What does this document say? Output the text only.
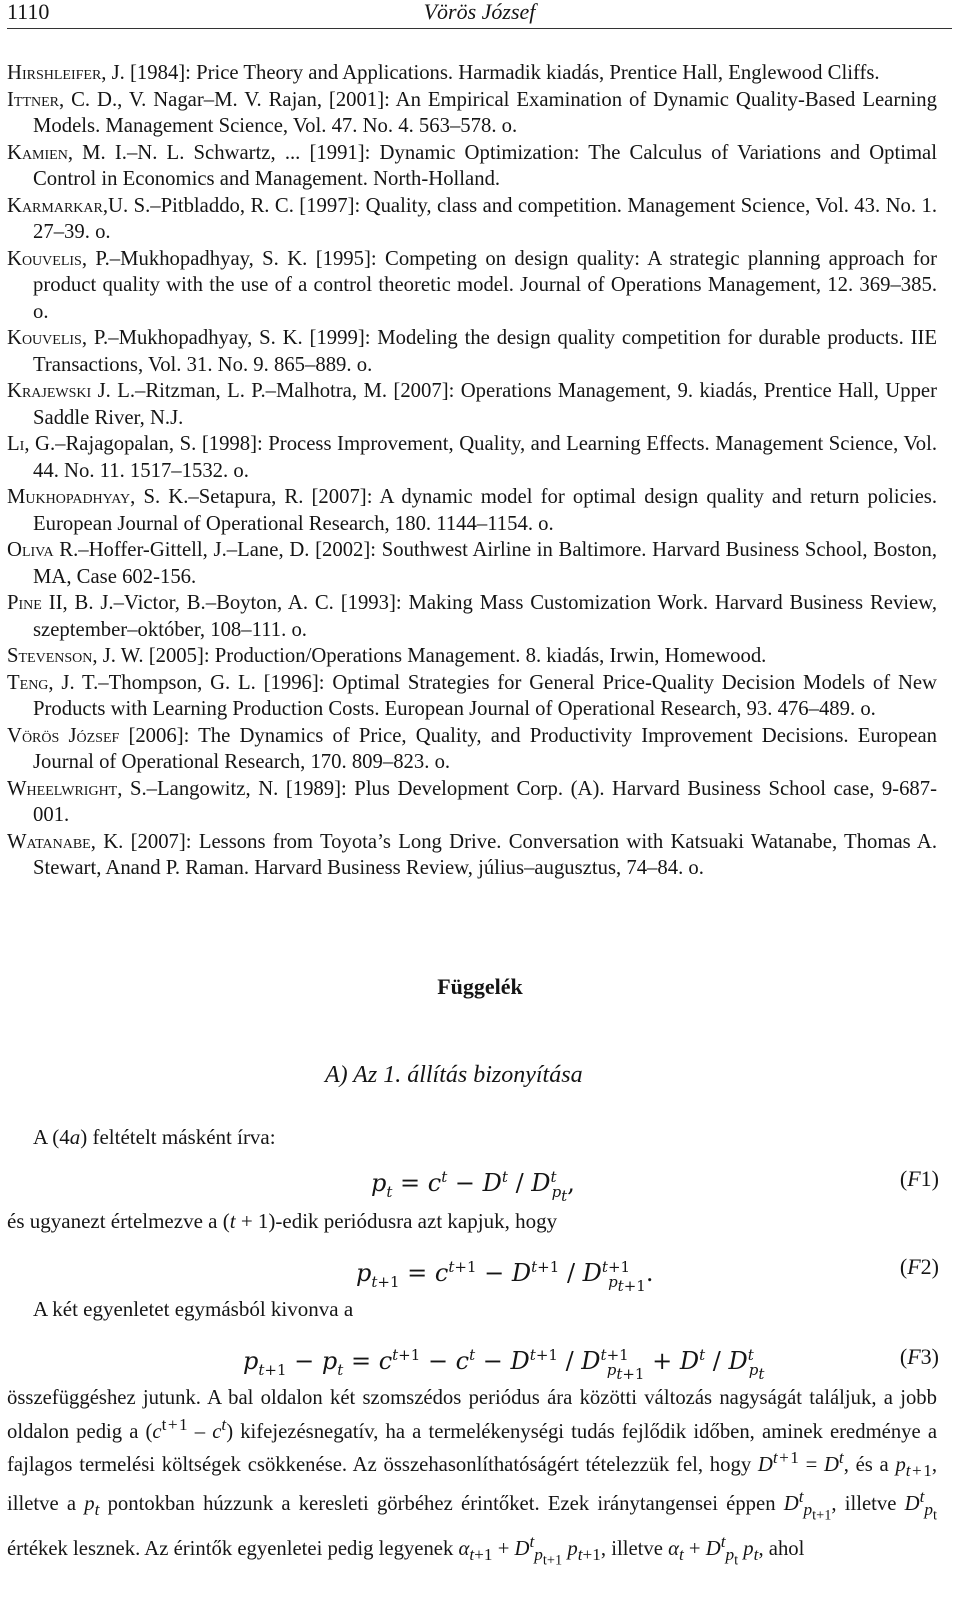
1110	Vörös József

Hirshleifer, J. [1984]: Price Theory and Applications. Harmadik kiadás, Prentice Hall, Englewood Cliffs.

Ittner, C. D., V. Nagar–M. V. Rajan, [2001]: An Empirical Examination of Dynamic Quality-Based Learning Models. Management Science, Vol. 47. No. 4. 563–578. o.

Kamien, M. I.–N. L. Schwartz, ... [1991]: Dynamic Optimization: The Calculus of Variations and Optimal Control in Economics and Management. North-Holland.

Karmarkar,U. S.–Pitbladdo, R. C. [1997]: Quality, class and competition. Management Science, Vol. 43. No. 1. 27–39. o.

Kouvelis, P.–Mukhopadhyay, S. K. [1995]: Competing on design quality: A strategic planning approach for product quality with the use of a control theoretic model. Journal of Operations Management, 12. 369–385. o.

Kouvelis, P.–Mukhopadhyay, S. K. [1999]: Modeling the design quality competition for durable products. IIE Transactions, Vol. 31. No. 9. 865–889. o.

Krajewski J. L.–Ritzman, L. P.–Malhotra, M. [2007]: Operations Management, 9. kiadás, Prentice Hall, Upper Saddle River, N.J.

Li, G.–Rajagopalan, S. [1998]: Process Improvement, Quality, and Learning Effects. Management Science, Vol. 44. No. 11. 1517–1532. o.

Mukhopadhyay, S. K.–Setapura, R. [2007]: A dynamic model for optimal design quality and return policies. European Journal of Operational Research, 180. 1144–1154. o.

Oliva R.–Hoffer-Gittell, J.–Lane, D. [2002]: Southwest Airline in Baltimore. Harvard Business School, Boston, MA, Case 602-156.

Pine II, B. J.–Victor, B.–Boyton, A. C. [1993]: Making Mass Customization Work. Harvard Business Review, szeptember–október, 108–111. o.

Stevenson, J. W. [2005]: Production/Operations Management. 8. kiadás, Irwin, Homewood.

Teng, J. T.–Thompson, G. L. [1996]: Optimal Strategies for General Price-Quality Decision Models of New Products with Learning Production Costs. European Journal of Operational Research, 93. 476–489. o.

Vörös József [2006]: The Dynamics of Price, Quality, and Productivity Improvement Decisions. European Journal of Operational Research, 170. 809–823. o.

Wheelwright, S.–Langowitz, N. [1989]: Plus Development Corp. (A). Harvard Business School case, 9-687-001.

Watanabe, K. [2007]: Lessons from Toyota’s Long Drive. Conversation with Katsuaki Watanabe, Thomas A. Stewart, Anand P. Raman. Harvard Business Review, július–augusztus, 74–84. o.

Függelék
A) Az 1. állítás bizonyítása
A (4a) feltételt másként írva:
$p_t = c^t - D^t / D^t_{p_t}$,	(F1)
és ugyanezt értelmezve a (t + 1)-edik periódusra azt kapjuk, hogy
$p_{t+1} = c^{t+1} - D^{t+1} / D^{t+1}_{p_{t+1}}$.	(F2)
A két egyenletet egymásból kivonva a
$p_{t+1} - p_t = c^{t+1} - c^t - D^{t+1} / D^{t+1}_{p_{t+1}} + D^t / D^t_{p_t}$
(F3)

összefüggéshez jutunk. A bal oldalon két szomszédos periódus ára közötti változás nagyságát találjuk, a jobb oldalon pedig a $(c^{t + 1} - c^t)$ kifejezésnegatív, ha a termelékenységi tudás fejlődik időben, aminek eredménye a fajlagos termelési költségek csökkenése. Az összehasonlíthatóságért tételezzük fel, hogy $D^{t + 1} = D^t$, és a $p_{t + 1}$, illetve a $p_t$ pontokban húzzunk a keresleti görbéhez érintőket. Ezek iránytangensei éppen $D^t_{p_{t+1}}$, illetve $D^t_{p_t}$ értékek lesznek. Az érintők egyenletei pedig legyenek $\alpha_{t+1} + D^t_{p_{t+1}}$ $p_{t+1}$, illetve $\alpha_t + D^t_{p_t}$ $p_t$, ahol
